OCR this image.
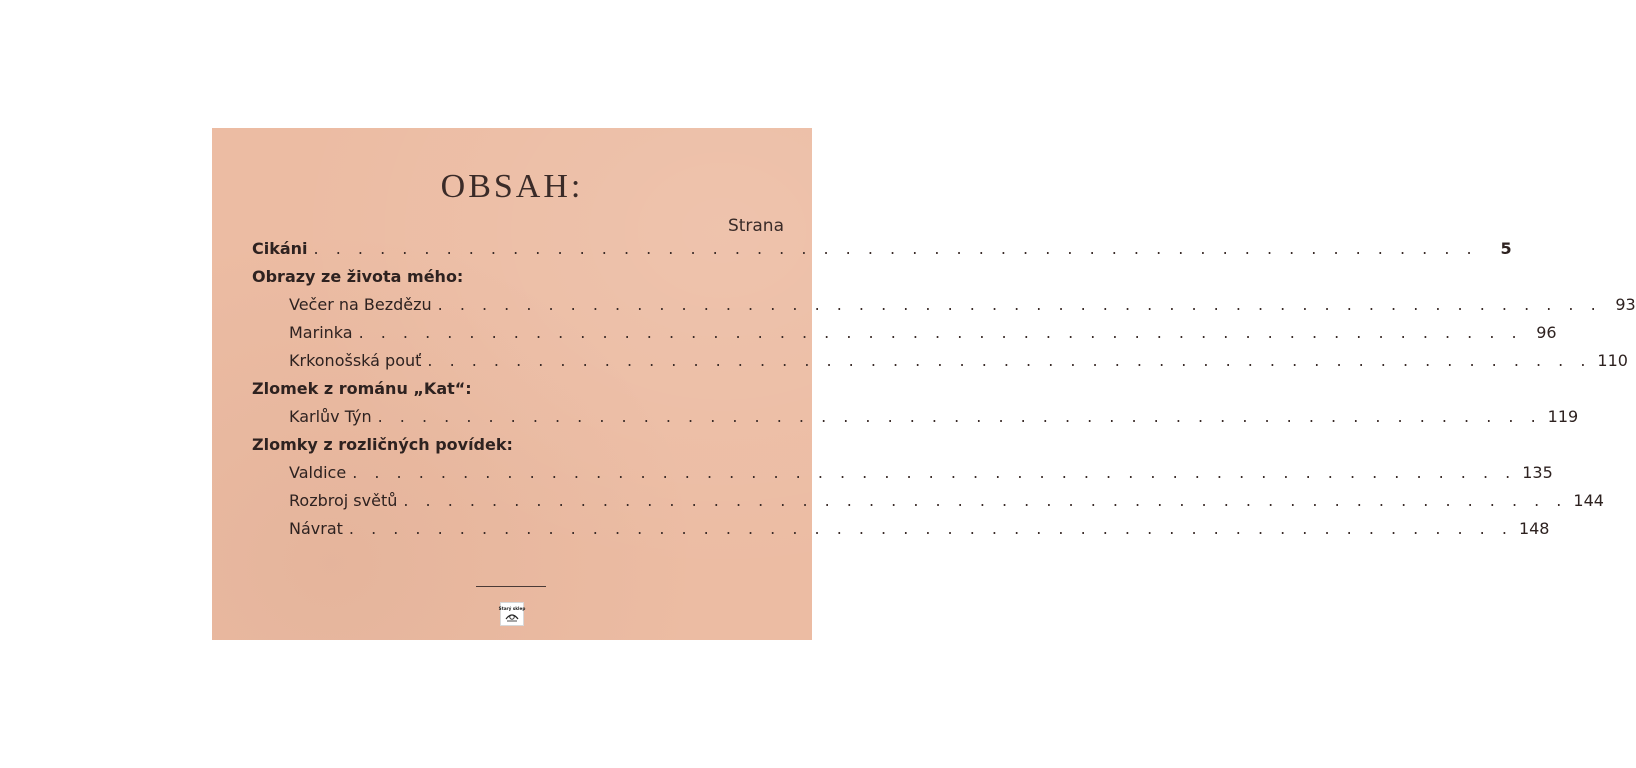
OBSAH:
Strana
Cikáni . . .	5
Obrazy ze života mého:
Večer na Bezdězu . . .	93
Marinka . . .	96
Krkonošská pouť . . .	110
Zlomek z románu „Kat“:
Karlův Týn . . .	119
Zlomky z rozličných povídek:
Valdice . . .	135
Rozbroj světů . . .	144
Návrat . . .	148
Starý sklep
